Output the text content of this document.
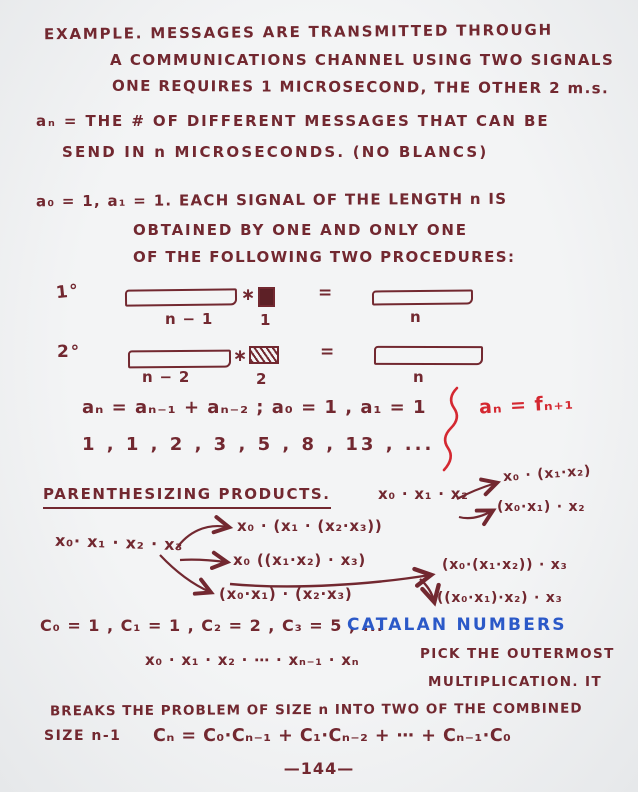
EXAMPLE. MESSAGES ARE TRANSMITTED THROUGH
A COMMUNICATIONS CHANNEL USING TWO SIGNALS
ONE REQUIRES 1 MICROSECOND, THE OTHER 2 m.s.
aₙ = THE # OF DIFFERENT MESSAGES THAT CAN BE
SEND IN n MICROSECONDS. (NO BLANCS)
a₀ = 1, a₁ = 1. EACH SIGNAL OF THE LENGTH n IS
OBTAINED BY ONE AND ONLY ONE
OF THE FOLLOWING TWO PROCEDURES:
1°	∗	=
n − 1	1	n
2°	∗	=
n − 2	2	n
aₙ = aₙ₋₁ + aₙ₋₂ ; a₀ = 1 , a₁ = 1
1 , 1 , 2 , 3 , 5 , 8 , 13 , ...
aₙ = fₙ₊₁
PARENTHESIZING PRODUCTS.	x₀ · x₁ · x₂
x₀ · (x₁·x₂)
(x₀·x₁) · x₂
x₀· x₁ · x₂ · x₃
x₀ · (x₁ · (x₂·x₃))
x₀ ((x₁·x₂) · x₃)
(x₀·x₁) · (x₂·x₃)
(x₀·(x₁·x₂)) · x₃
((x₀·x₁)·x₂) · x₃
C₀ = 1 , C₁ = 1 , C₂ = 2 , C₃ = 5 , ...
CATALAN NUMBERS
x₀ · x₁ · x₂ · ⋯ · xₙ₋₁ · xₙ	PICK THE OUTERMOST
MULTIPLICATION. IT
BREAKS THE PROBLEM OF SIZE n INTO TWO OF THE COMBINED
SIZE n-1 Cₙ = C₀·Cₙ₋₁ + C₁·Cₙ₋₂ + ⋯ + Cₙ₋₁·C₀
—144—
